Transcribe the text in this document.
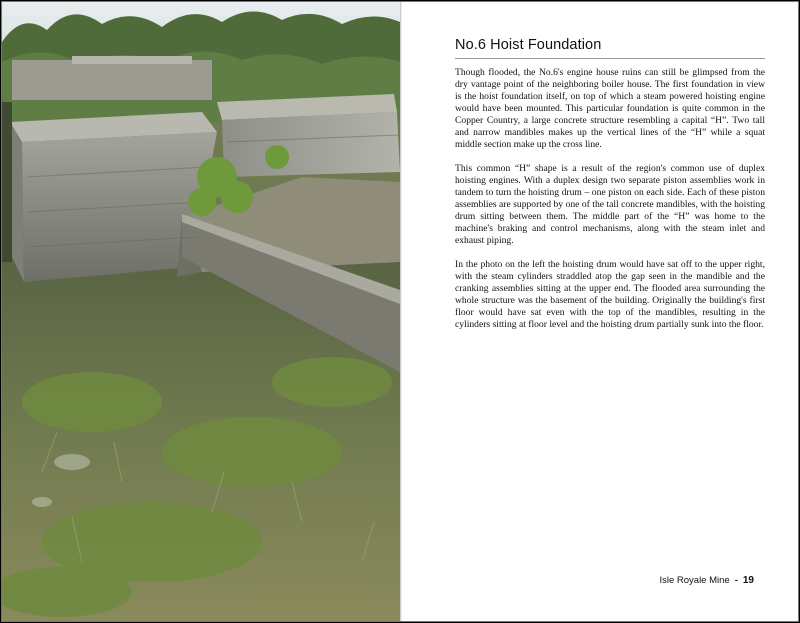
No.6 Hoist Foundation

Though flooded, the No.6's engine house ruins can still be glimpsed from the dry vantage point of the neighboring boiler house. The first foundation in view is the hoist foundation itself, on top of which a steam powered hoisting engine would have been mounted. This particular foundation is quite common in the Copper Country, a large concrete structure resembling a capital “H”. Two tall and narrow mandibles makes up the vertical lines of the “H” while a squat middle section make up the cross line.

This common “H” shape is a result of the region's common use of duplex hoisting engines. With a duplex design two separate piston assemblies work in tandem to turn the hoisting drum – one piston on each side. Each of these piston assemblies are supported by one of the tall concrete mandibles, with the hoisting drum sitting between them. The middle part of the “H” was home to the machine's braking and control mechanisms, along with the steam inlet and exhaust piping.

In the photo on the left the hoisting drum would have sat off to the upper right, with the steam cylinders straddled atop the gap seen in the mandible and the cranking assemblies sitting at the upper end. The flooded area surrounding the whole structure was the basement of the building. Originally the building's first floor would have sat even with the top of the mandibles, resulting in the cylinders sitting at floor level and the hoisting drum partially sunk into the floor.

Isle Royale Mine - 19
